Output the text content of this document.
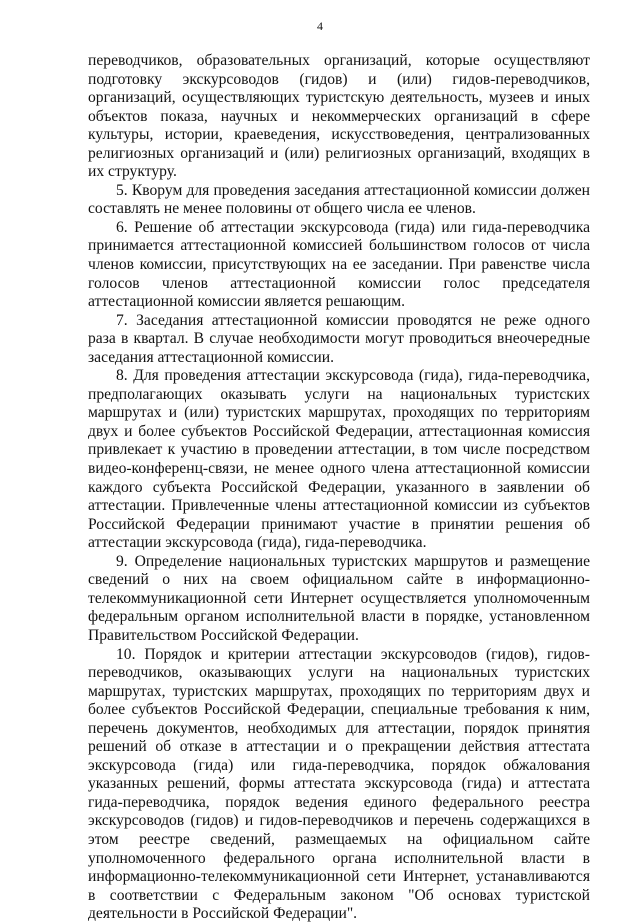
4

переводчиков, образовательных организаций, которые осуществляют подготовку экскурсоводов (гидов) и (или) гидов-переводчиков, организаций, осуществляющих туристскую деятельность, музеев и иных объектов показа, научных и некоммерческих организаций в сфере культуры, истории, краеведения, искусствоведения, централизованных религиозных организаций и (или) религиозных организаций, входящих в их структуру.

5. Кворум для проведения заседания аттестационной комиссии должен составлять не менее половины от общего числа ее членов.

6. Решение об аттестации экскурсовода (гида) или гида-переводчика принимается аттестационной комиссией большинством голосов от числа членов комиссии, присутствующих на ее заседании. При равенстве числа голосов членов аттестационной комиссии голос председателя аттестационной комиссии является решающим.

7. Заседания аттестационной комиссии проводятся не реже одного раза в квартал. В случае необходимости могут проводиться внеочередные заседания аттестационной комиссии.

8. Для проведения аттестации экскурсовода (гида), гида-переводчика, предполагающих оказывать услуги на национальных туристских маршрутах и (или) туристских маршрутах, проходящих по территориям двух и более субъектов Российской Федерации, аттестационная комиссия привлекает к участию в проведении аттестации, в том числе посредством видео-конференц-связи, не менее одного члена аттестационной комиссии каждого субъекта Российской Федерации, указанного в заявлении об аттестации. Привлеченные члены аттестационной комиссии из субъектов Российской Федерации принимают участие в принятии решения об аттестации экскурсовода (гида), гида-переводчика.

9. Определение национальных туристских маршрутов и размещение сведений о них на своем официальном сайте в информационно-телекоммуникационной сети Интернет осуществляется уполномоченным федеральным органом исполнительной власти в порядке, установленном Правительством Российской Федерации.

10. Порядок и критерии аттестации экскурсоводов (гидов), гидов-переводчиков, оказывающих услуги на национальных туристских маршрутах, туристских маршрутах, проходящих по территориям двух и более субъектов Российской Федерации, специальные требования к ним, перечень документов, необходимых для аттестации, порядок принятия решений об отказе в аттестации и о прекращении действия аттестата экскурсовода (гида) или гида-переводчика, порядок обжалования указанных решений, формы аттестата экскурсовода (гида) и аттестата гида-переводчика, порядок ведения единого федерального реестра экскурсоводов (гидов) и гидов-переводчиков и перечень содержащихся в этом реестре сведений, размещаемых на официальном сайте уполномоченного федерального органа исполнительной власти в информационно-телекоммуникационной сети Интернет, устанавливаются в соответствии с Федеральным законом "Об основах туристской деятельности в Российской Федерации".
